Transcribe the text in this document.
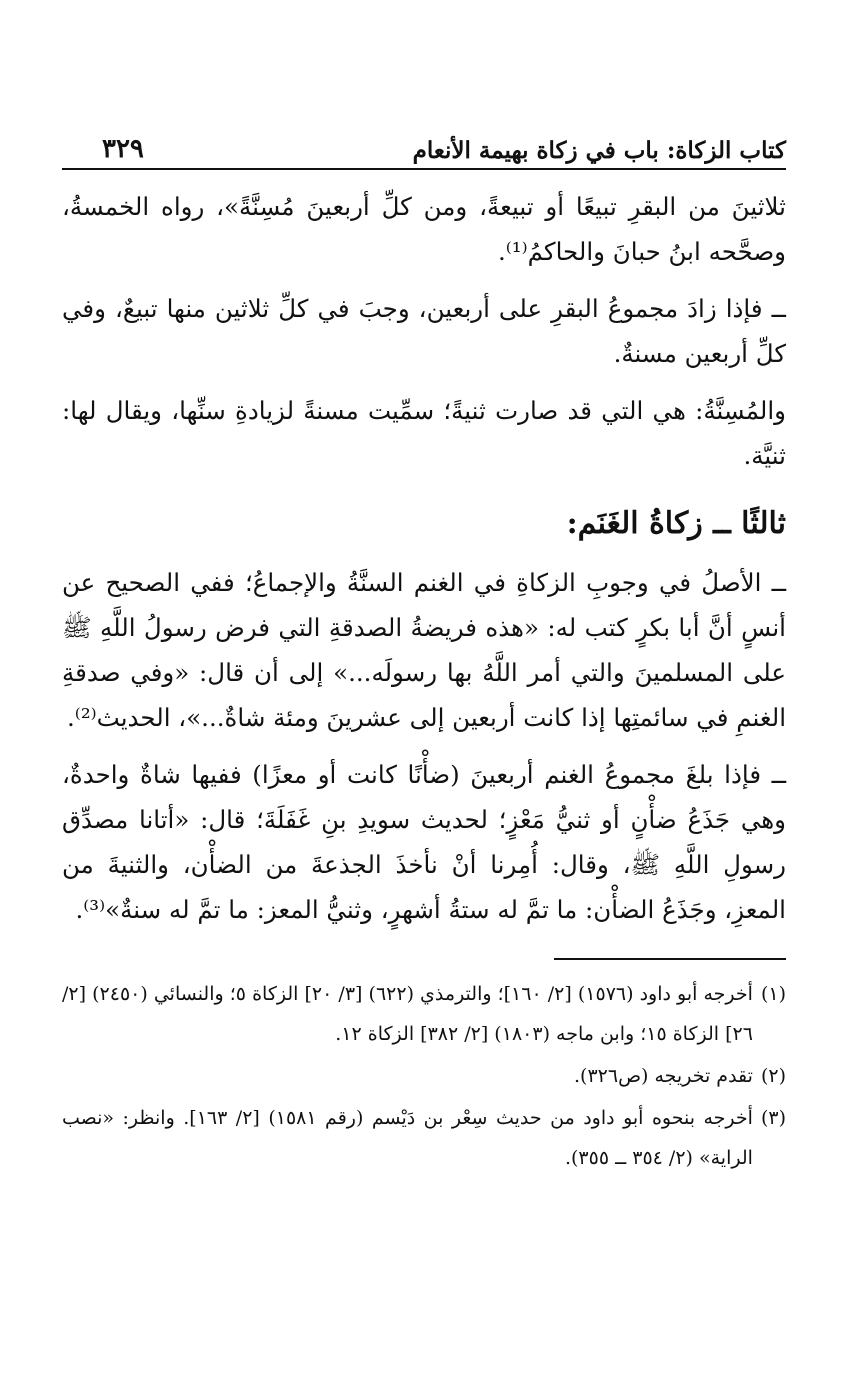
كتاب الزكاة: باب في زكاة بهيمة الأنعام
٣٢٩

ثلاثينَ من البقرِ تبيعًا أو تبيعةً، ومن كلِّ أربعينَ مُسِنَّةً»، رواه الخمسةُ، وصحَّحه ابنُ حبانَ والحاكمُ⁽¹⁾.

ــ فإذا زادَ مجموعُ البقرِ على أربعين، وجبَ في كلِّ ثلاثين منها تبيعٌ، وفي كلِّ أربعين مسنةٌ.

والمُسِنَّةُ: هي التي قد صارت ثنيةً؛ سمِّيت مسنةً لزيادةِ سنِّها، ويقال لها: ثنيَّة.

ثالثًا ــ زكاةُ الغَنَم:

ــ الأصلُ في وجوبِ الزكاةِ في الغنم السنَّةُ والإجماعُ؛ ففي الصحيح عن أنسٍ أنَّ أبا بكرٍ كتب له: «هذه فريضةُ الصدقةِ التي فرض رسولُ اللَّهِ ﷺ على المسلمينَ والتي أمر اللَّهُ بها رسولَه...» إلى أن قال: «وفي صدقةِ الغنمِ في سائمتِها إذا كانت أربعين إلى عشرينَ ومئة شاةٌ...»، الحديث⁽²⁾.

ــ فإذا بلغَ مجموعُ الغنم أربعينَ (ضأْنًا كانت أو معزًا) ففيها شاةٌ واحدةٌ، وهي جَذَعُ ضأْنٍ أو ثنيُّ مَعْزٍ؛ لحديث سويدِ بنِ غَفَلَةَ؛ قال: «أتانا مصدِّق رسولِ اللَّهِ ﷺ، وقال: أُمِرنا أنْ نأخذَ الجذعةَ من الضأْن، والثنيةَ من المعزِ، وجَذَعُ الضأْن: ما تمَّ له ستةُ أشهرٍ، وثنيُّ المعز: ما تمَّ له سنةٌ»⁽³⁾.

(١)
أخرجه أبو داود (١٥٧٦) [٢/ ١٦٠]؛ والترمذي (٦٢٢) [٣/ ٢٠] الزكاة ٥؛ والنسائي (٢٤٥٠) [٢/ ٢٦] الزكاة ١٥؛ وابن ماجه (١٨٠٣) [٢/ ٣٨٢] الزكاة ١٢.
(٢)
تقدم تخريجه (ص٣٢٦).
(٣)
أخرجه بنحوه أبو داود من حديث سِعْر بن دَيْسم (رقم ١٥٨١) [٢/ ١٦٣]. وانظر: «نصب الراية» (٢/ ٣٥٤ ــ ٣٥٥).
